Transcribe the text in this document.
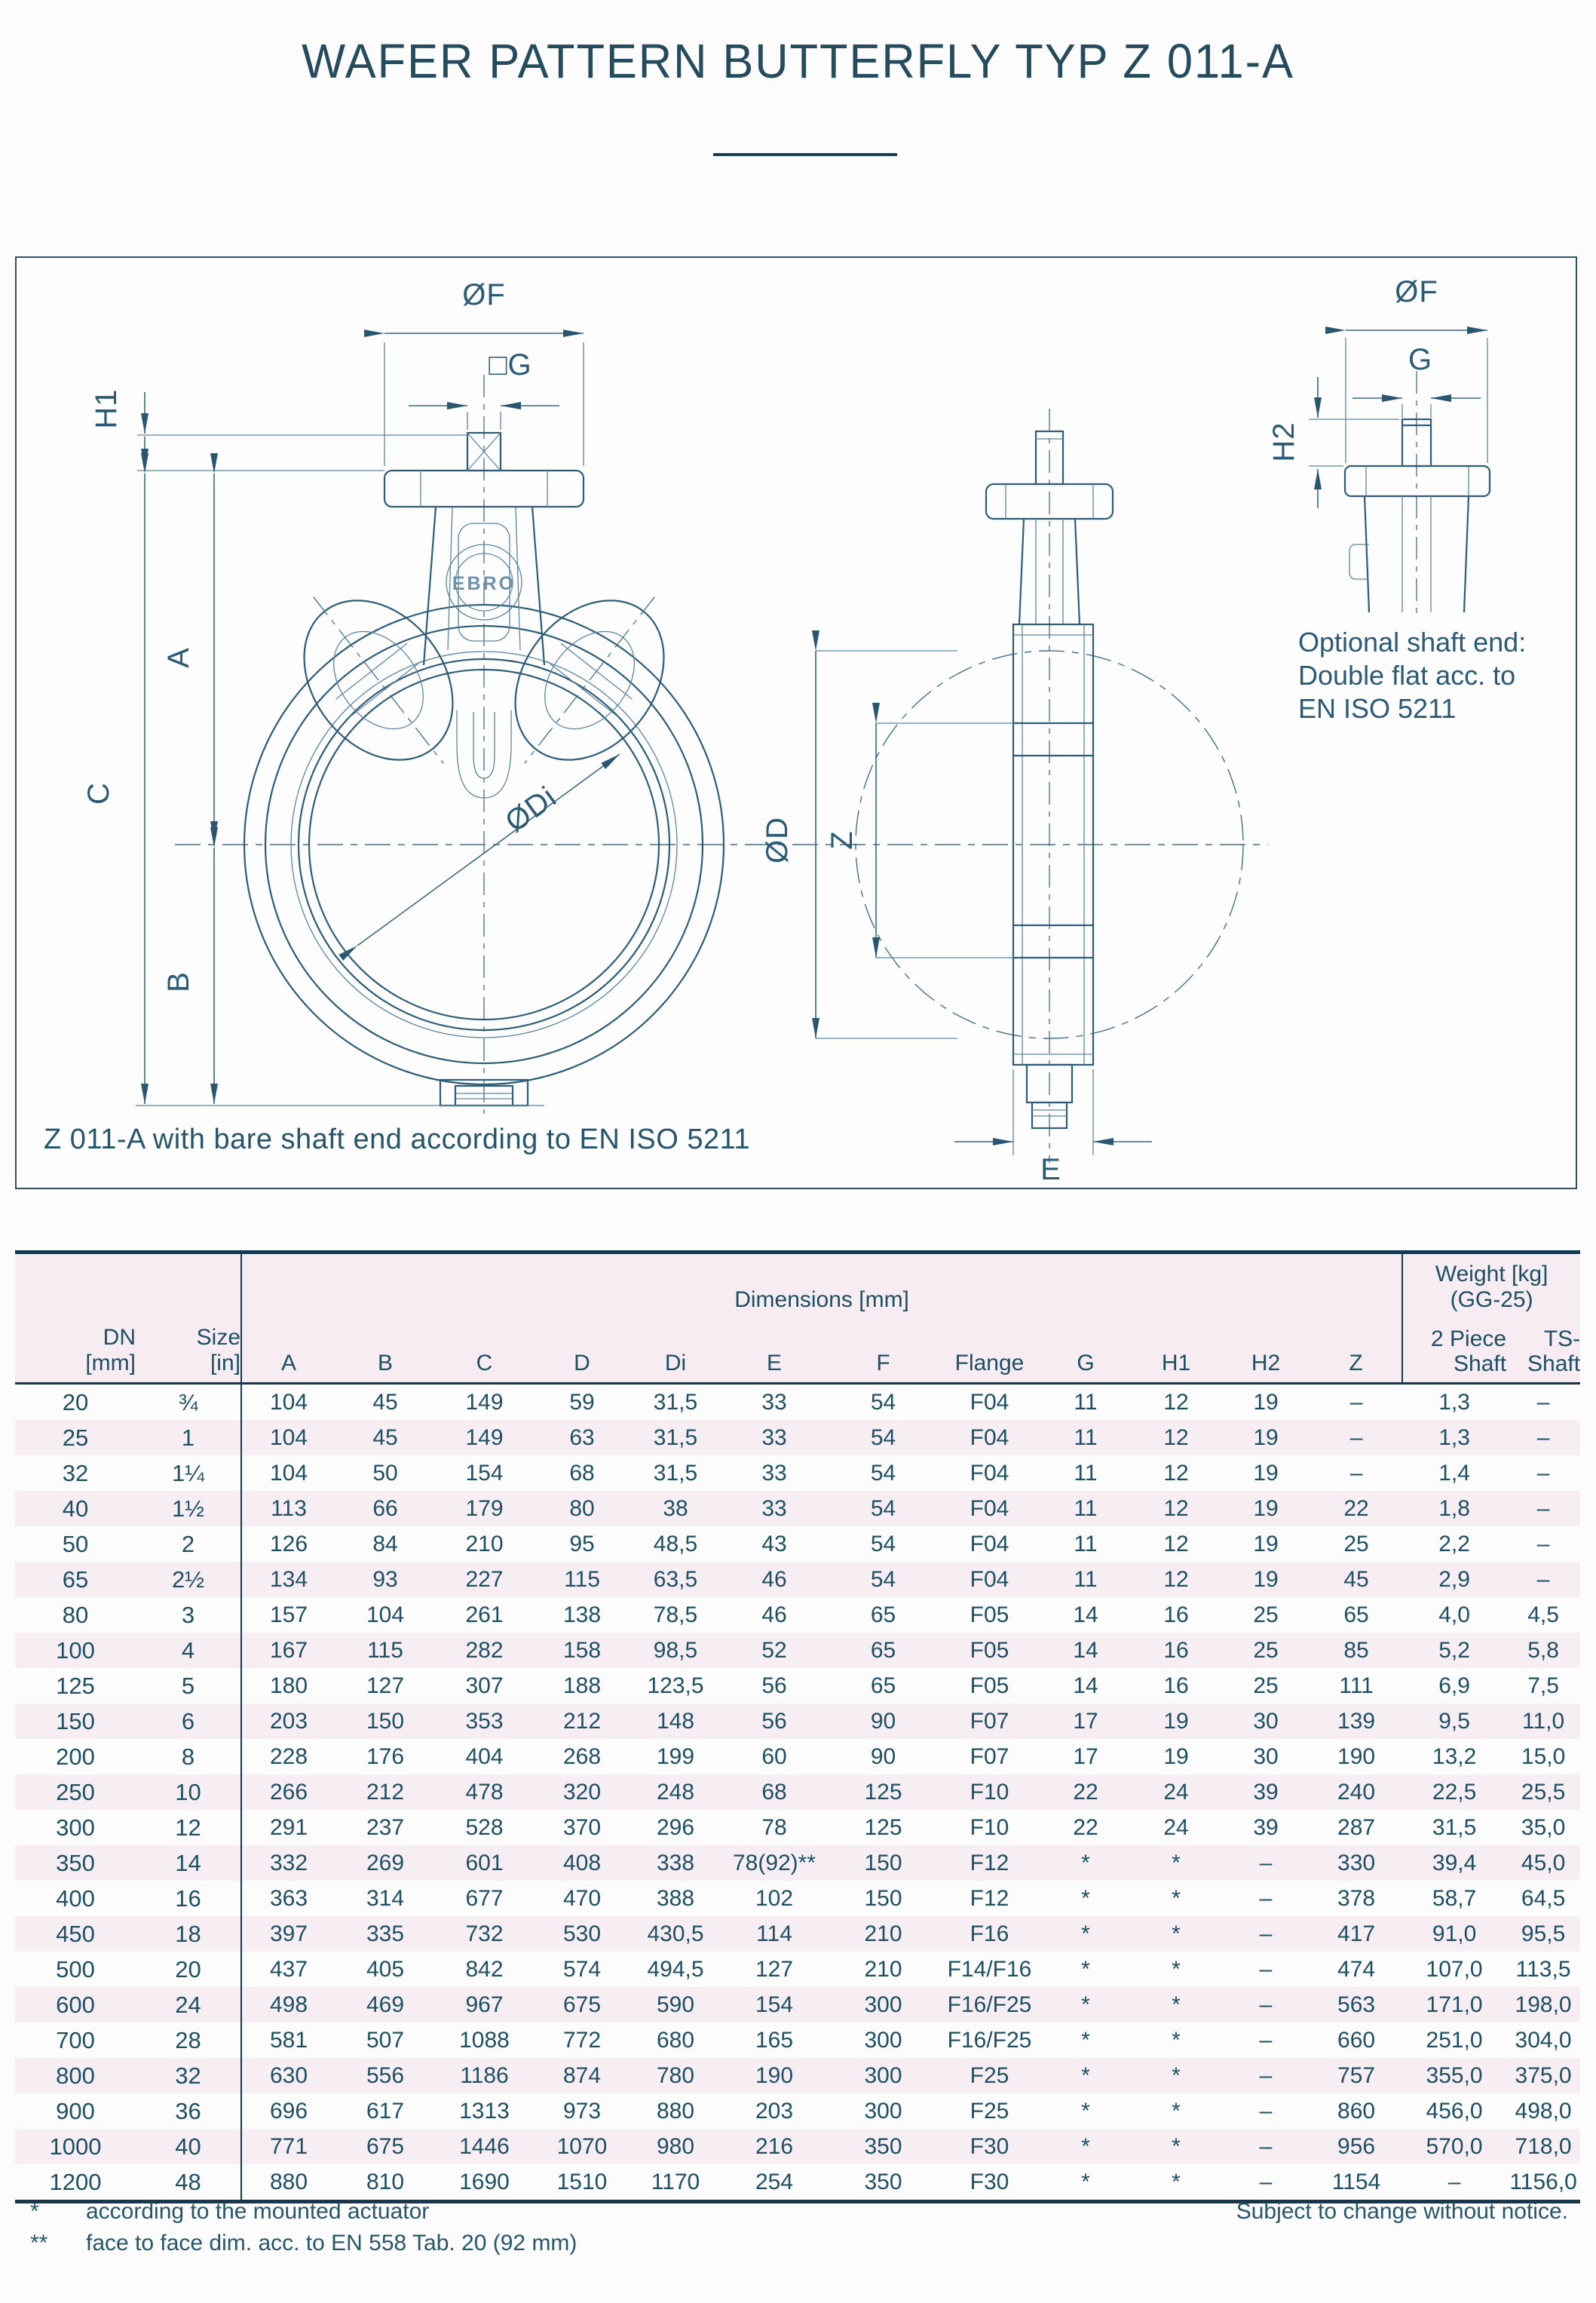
WAFER PATTERN BUTTERFLY TYP Z 011-A
EBRO
ØDi
ØF
□G
H1
C
A
B
ØD Z
E
ØF
G
H2
Optional shaft end:
Double flat acc. to
EN ISO 5211
Z 011-A with bare shaft end according to EN ISO 5211
		Dimensions [mm]												Weight [kg]
(GG-25)	

DN
[mm]

Size
[in]	A	B	C	D	Di	E	F	Flange	G	H1	H2	Z	
2 Piece
Shaft

TS-
Shaft

20	¾	104	45	149	59	31,5	33	54	F04	11	12	19	–	1,3	–
25	1	104	45	149	63	31,5	33	54	F04	11	12	19	–	1,3	–
32	1¼	104	50	154	68	31,5	33	54	F04	11	12	19	–	1,4	–
40	1½	113	66	179	80	38	33	54	F04	11	12	19	22	1,8	–
50	2	126	84	210	95	48,5	43	54	F04	11	12	19	25	2,2	–
65	2½	134	93	227	115	63,5	46	54	F04	11	12	19	45	2,9	–
80	3	157	104	261	138	78,5	46	65	F05	14	16	25	65	4,0	4,5
100	4	167	115	282	158	98,5	52	65	F05	14	16	25	85	5,2	5,8
125	5	180	127	307	188	123,5	56	65	F05	14	16	25	111	6,9	7,5
150	6	203	150	353	212	148	56	90	F07	17	19	30	139	9,5	11,0
200	8	228	176	404	268	199	60	90	F07	17	19	30	190	13,2	15,0
250	10	266	212	478	320	248	68	125	F10	22	24	39	240	22,5	25,5
300	12	291	237	528	370	296	78	125	F10	22	24	39	287	31,5	35,0
350	14	332	269	601	408	338	78(92)**	150	F12	*	*	–	330	39,4	45,0
400	16	363	314	677	470	388	102	150	F12	*	*	–	378	58,7	64,5
450	18	397	335	732	530	430,5	114	210	F16	*	*	–	417	91,0	95,5
500	20	437	405	842	574	494,5	127	210	F14/F16	*	*	–	474	107,0	113,5
600	24	498	469	967	675	590	154	300	F16/F25	*	*	–	563	171,0	198,0
700	28	581	507	1088	772	680	165	300	F16/F25	*	*	–	660	251,0	304,0
800	32	630	556	1186	874	780	190	300	F25	*	*	–	757	355,0	375,0
900	36	696	617	1313	973	880	203	300	F25	*	*	–	860	456,0	498,0
1000	40	771	675	1446	1070	980	216	350	F30	*	*	–	956	570,0	718,0
1200	48	880	810	1690	1510	1170	254	350	F30	*	*	–	1154	–	1156,0
*	according to the mounted actuator
**	face to face dim. acc. to EN 558 Tab. 20 (92 mm)
Subject to change without notice.
